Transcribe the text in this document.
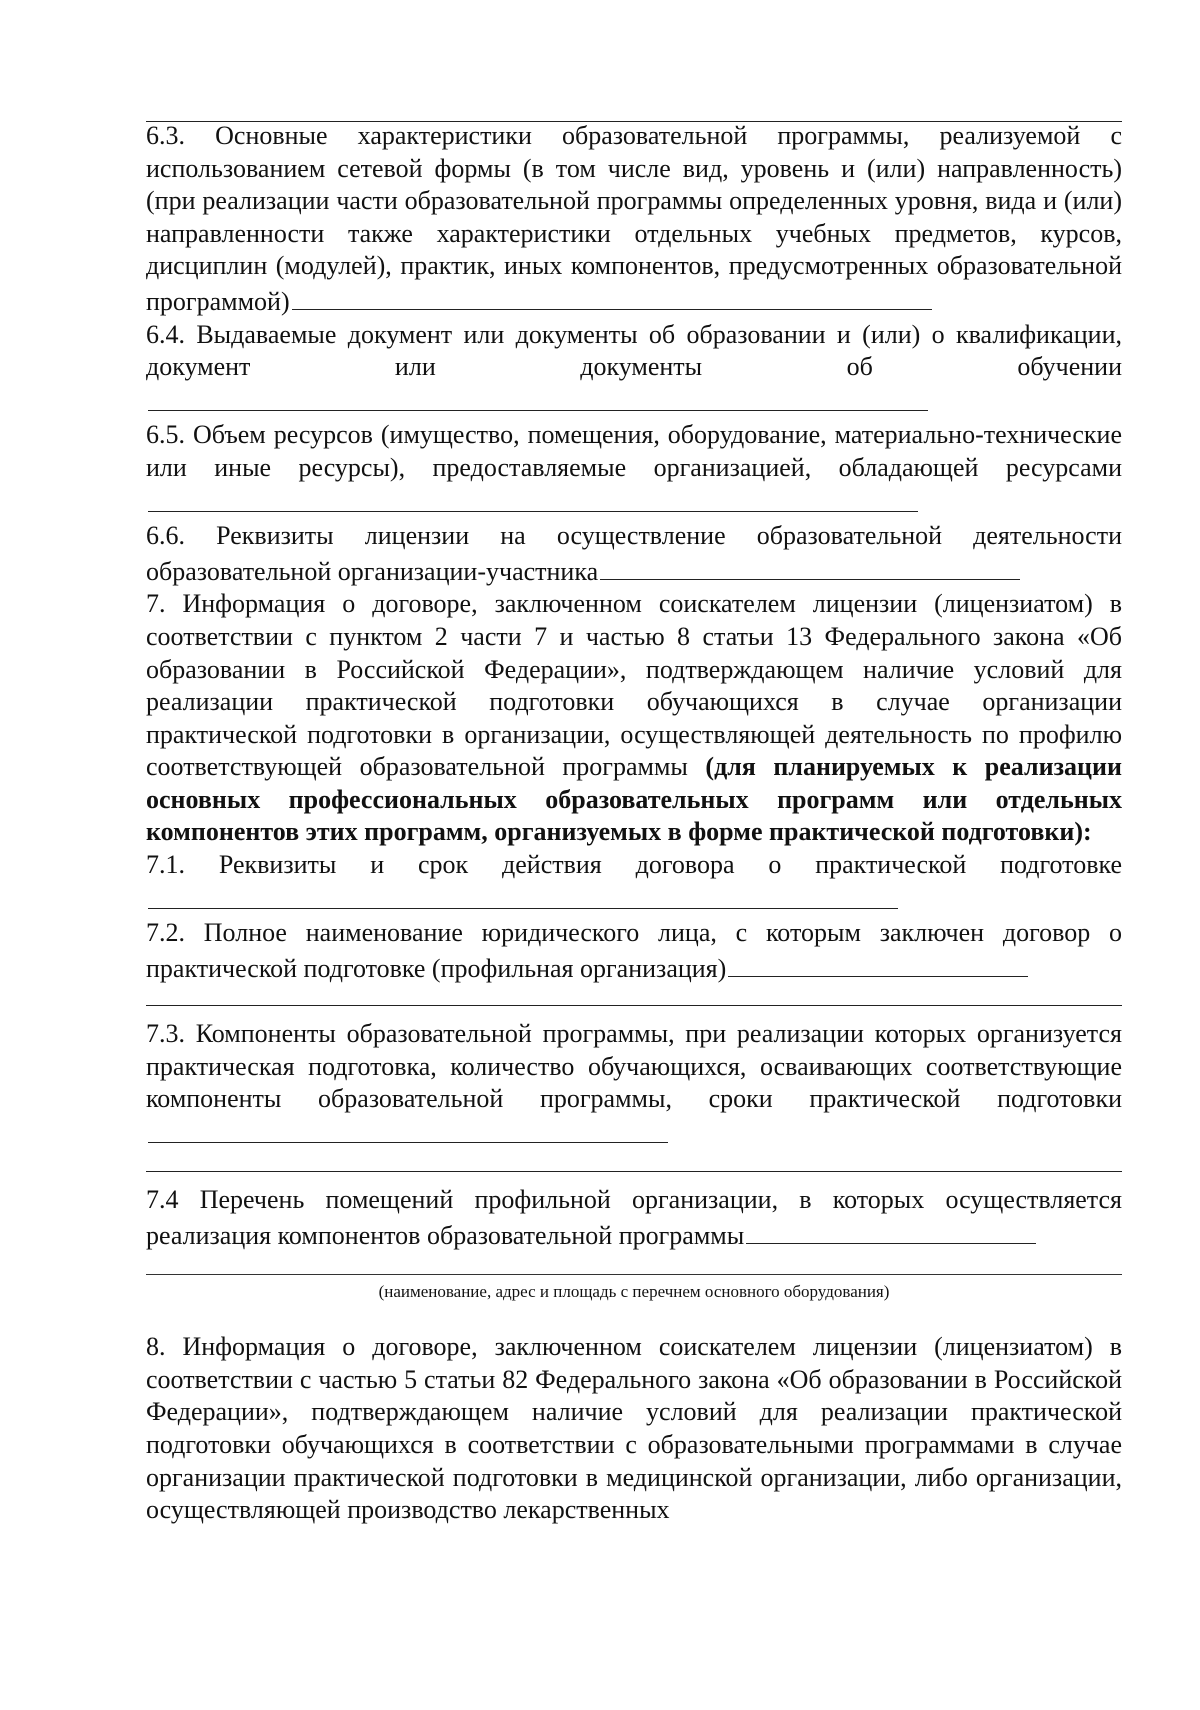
6.3. Основные характеристики образовательной программы, реализуемой с использованием сетевой формы (в том числе вид, уровень и (или) направленность) (при реализации части образовательной программы определенных уровня, вида и (или) направленности также характеристики отдельных учебных предметов, курсов, дисциплин (модулей), практик, иных компонентов, предусмотренных образовательной программой)

6.4. Выдаваемые документ или документы об образовании и (или) о квалификации, документ или документы об обучении

6.5. Объем ресурсов (имущество, помещения, оборудование, материально-технические или иные ресурсы), предоставляемые организацией, обладающей ресурсами

6.6. Реквизиты лицензии на осуществление образовательной деятельности образовательной организации-участника

7. Информация о договоре, заключенном соискателем лицензии (лицензиатом) в соответствии с пунктом 2 части 7 и частью 8 статьи 13 Федерального закона «Об образовании в Российской Федерации», подтверждающем наличие условий для реализации практической подготовки обучающихся в случае организации практической подготовки в организации, осуществляющей деятельность по профилю соответствующей образовательной программы (для планируемых к реализации основных профессиональных образовательных программ или отдельных компонентов этих программ, организуемых в форме практической подготовки):

7.1. Реквизиты и срок действия договора о практической подготовке

7.2. Полное наименование юридического лица, с которым заключен договор о практической подготовке (профильная организация)

7.3. Компоненты образовательной программы, при реализации которых организуется практическая подготовка, количество обучающихся, осваивающих соответствующие компоненты образовательной программы, сроки практической подготовки

7.4 Перечень помещений профильной организации, в которых осуществляется реализация компонентов образовательной программы

(наименование, адрес и площадь с перечнем основного оборудования)

8. Информация о договоре, заключенном соискателем лицензии (лицензиатом) в соответствии с частью 5 статьи 82 Федерального закона «Об образовании в Российской Федерации», подтверждающем наличие условий для реализации практической подготовки обучающихся в соответствии с образовательными программами в случае организации практической подготовки в медицинской организации, либо организации, осуществляющей производство лекарственных
